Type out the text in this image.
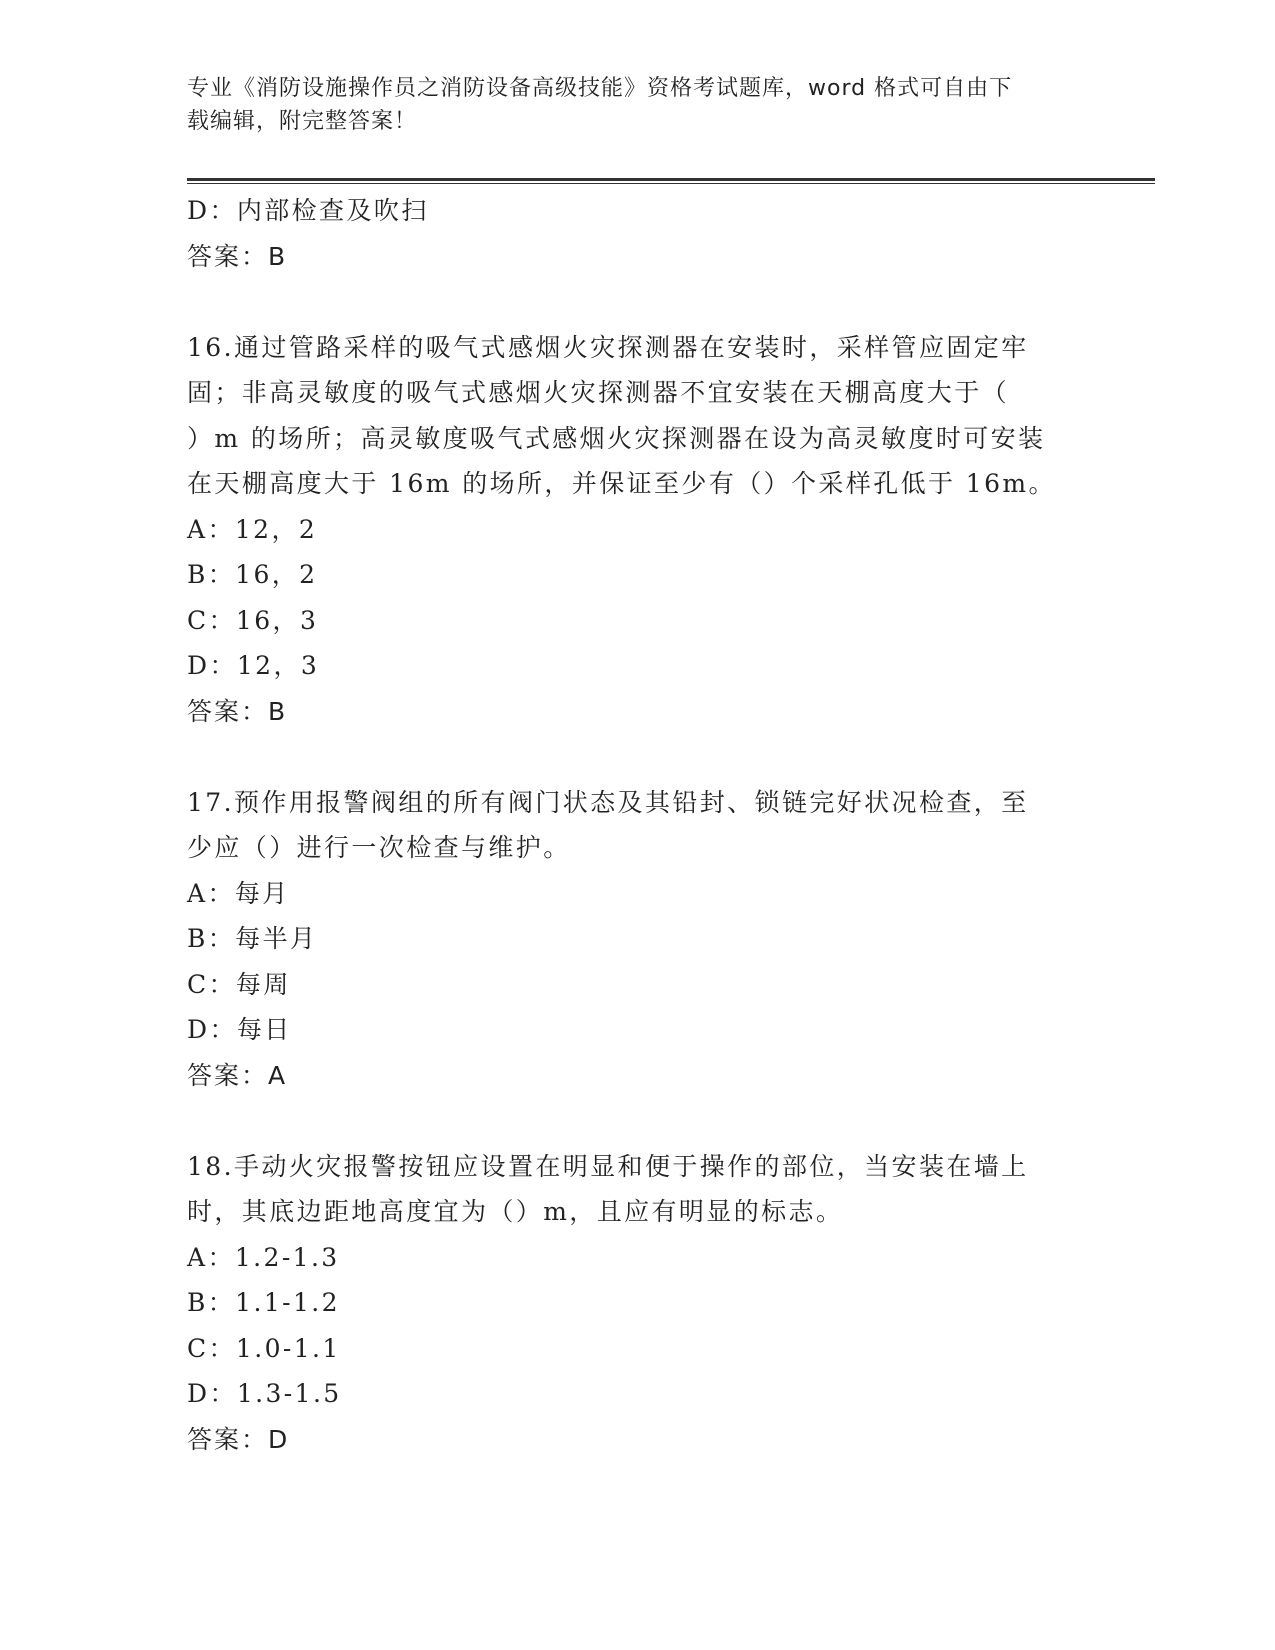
专业《消防设施操作员之消防设备高级技能》资格考试题库，word 格式可自由下
载编辑，附完整答案！
D：内部检查及吹扫
答案：B
16.通过管路采样的吸气式感烟火灾探测器在安装时，采样管应固定牢
固；非高灵敏度的吸气式感烟火灾探测器不宜安装在天棚高度大于（
）m 的场所；高灵敏度吸气式感烟火灾探测器在设为高灵敏度时可安装
在天棚高度大于 16m 的场所，并保证至少有（）个采样孔低于 16m。
A：12，2
B：16，2
C：16，3
D：12，3
答案：B
17.预作用报警阀组的所有阀门状态及其铅封、锁链完好状况检查，至
少应（）进行一次检查与维护。
A：每月
B：每半月
C：每周
D：每日
答案：A
18.手动火灾报警按钮应设置在明显和便于操作的部位，当安装在墙上
时，其底边距地高度宜为（）m，且应有明显的标志。
A：1.2-1.3
B：1.1-1.2
C：1.0-1.1
D：1.3-1.5
答案：D
